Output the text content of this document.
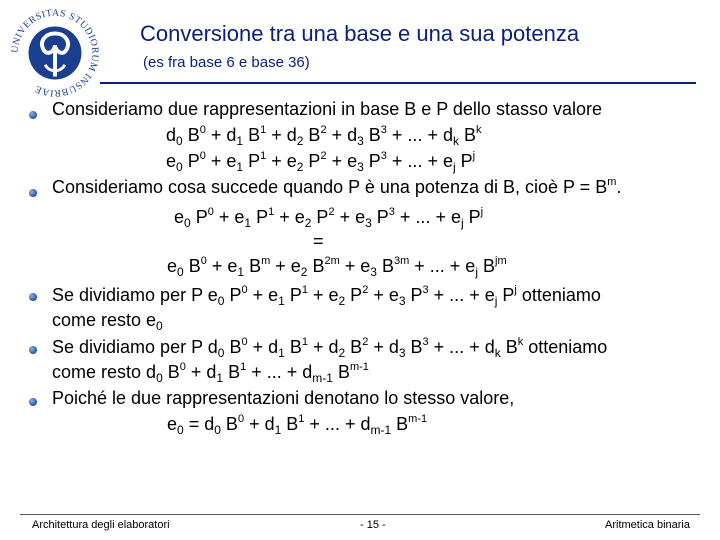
UNIVERSITAS STUDIORUM INSUBRIAE
Conversione tra una base e una sua potenza
(es fra base 6 e base 36)
Consideriamo due rappresentazioni in base B e P dello stasso valore
$d_0$ $B^0 + d_1$ $B^1 + d_2$ $B^2 + d_3$ $B^3$ + ... + $d_k$ $B^k$
$e_0$ $P^0 + e_1$ $P^1 + e_2$ $P^2 + e_3$ $P^3$ + ... + $e_j$ $P^j$
Consideriamo cosa succede quando P è una potenza di B, cioè $P = B^m$.
$e_0$ $P^0 + e_1$ $P^1 + e_2$ $P^2 + e_3$ $P^3$ + ... + $e_j$ $P^j$
=
$e_0$ $B^0 + e_1$ $B^m + e_2$ $B^{2m} + e_3$ $B^{3m}$ + ... + $e_j$ $B^{jm}$
Se dividiamo per P $e_0$ $P^0 + e_1$ $P^1 + e_2$ $P^2 + e_3$ $P^3$ + ... + $e_j$ $P^j$ otteniamo
come resto $e_0$
Se dividiamo per P $d_0$ $B^0 + d_1$ $B^1 + d_2$ $B^2 + d_3$ $B^3$ + ... + $d_k$ $B^k$ otteniamo
come resto $d_0$ $B^0 + d_1$ $B^1$ + ... + $d_{m-1}$ $B^{m-1}$
Poiché le due rappresentazioni denotano lo stesso valore,
$e_0 = d_0$ $B^0 + d_1$ $B^1$ + ... + $d_{m-1}$ $B^{m-1}$
Architettura degli elaboratori	- 15 -	Aritmetica binaria
